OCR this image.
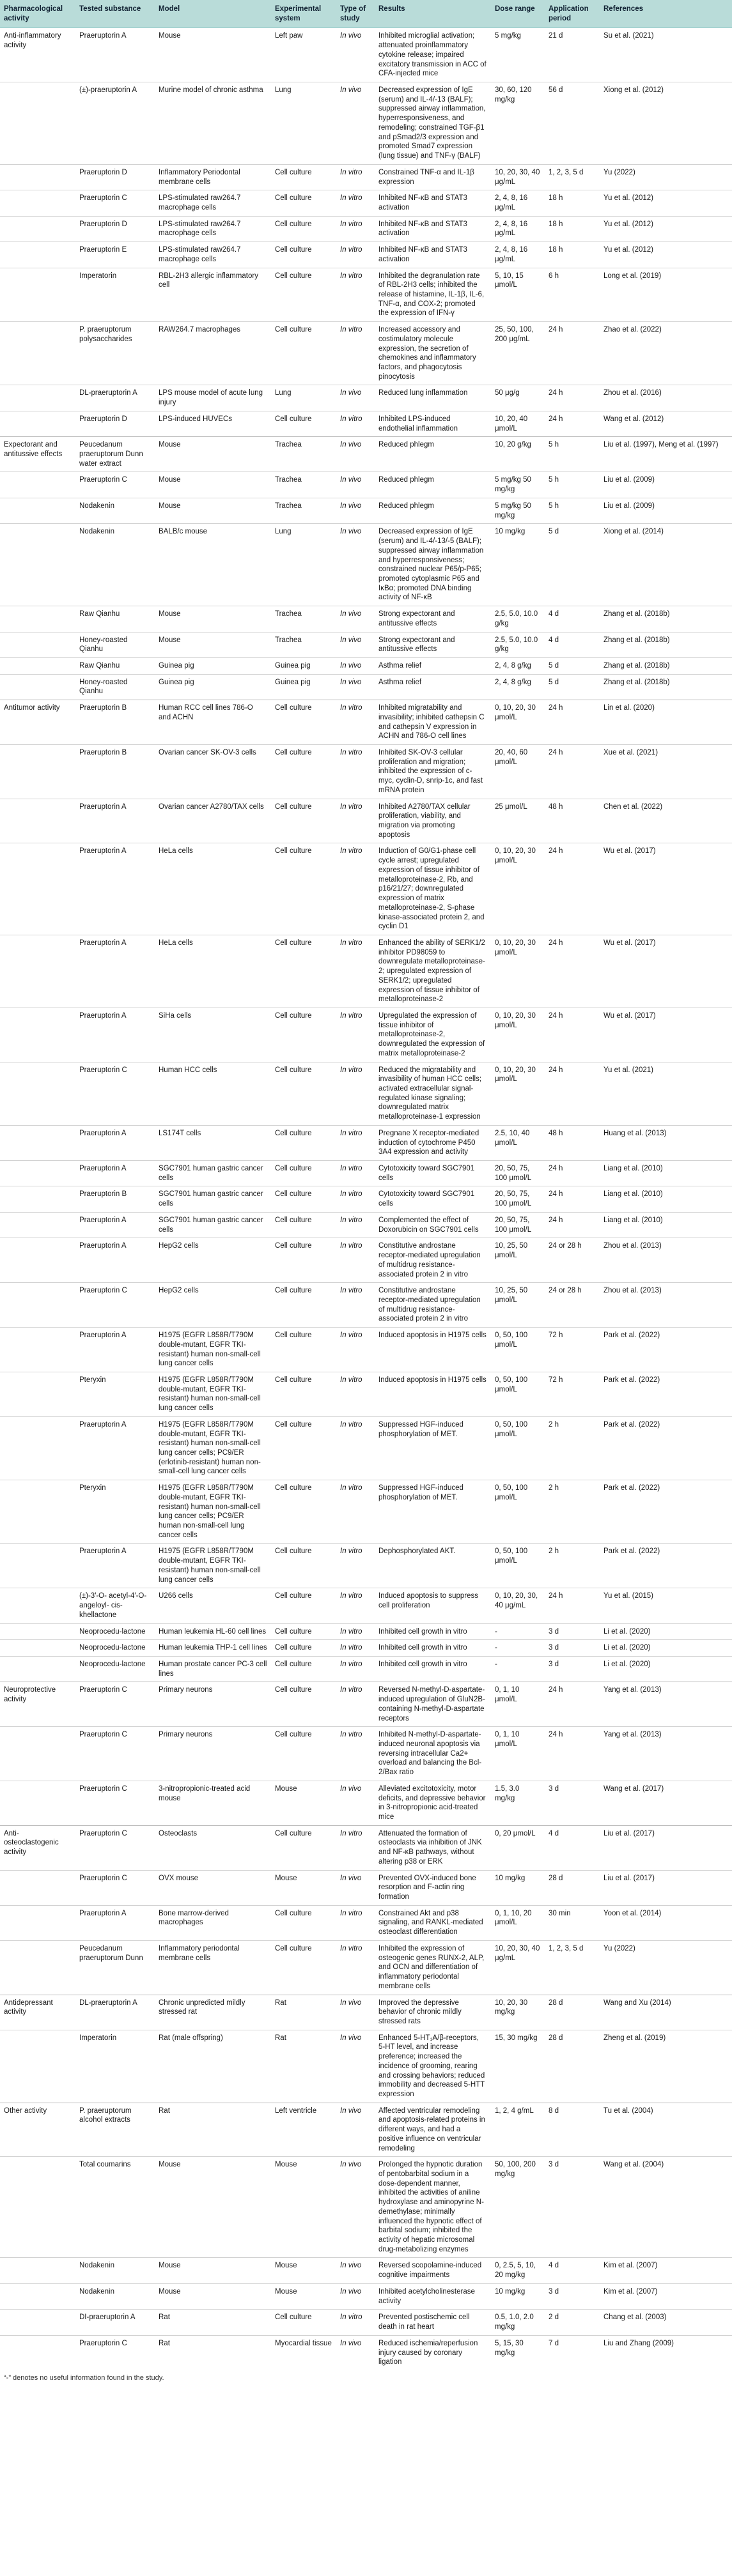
Pharmacological activity	Tested substance	Model	Experimental system	Type of study	Results	Dose range	Application period	References
Anti-inflammatory activity	Praeruptorin A	Mouse	Left paw	In vivo	Inhibited microglial activation; attenuated proinflammatory cytokine release; impaired excitatory transmission in ACC of CFA-injected mice	5 mg/kg	21 d	Su et al. (2021)
	(±)-praeruptorin A	Murine model of chronic asthma	Lung	In vivo	Decreased expression of IgE (serum) and IL-4/-13 (BALF); suppressed airway inflammation, hyperresponsiveness, and remodeling; constrained TGF-β1 and pSmad2/3 expression and promoted Smad7 expression (lung tissue) and TNF-γ (BALF)	30, 60, 120 mg/kg	56 d	Xiong et al. (2012)
	Praeruptorin D	Inflammatory Periodontal membrane cells	Cell culture	In vitro	Constrained TNF-α and IL-1β expression	10, 20, 30, 40 μg/mL	1, 2, 3, 5 d	Yu (2022)
	Praeruptorin C	LPS-stimulated raw264.7 macrophage cells	Cell culture	In vitro	Inhibited NF-κB and STAT3 activation	2, 4, 8, 16 μg/mL	18 h	Yu et al. (2012)
	Praeruptorin D	LPS-stimulated raw264.7 macrophage cells	Cell culture	In vitro	Inhibited NF-κB and STAT3 activation	2, 4, 8, 16 μg/mL	18 h	Yu et al. (2012)
	Praeruptorin E	LPS-stimulated raw264.7 macrophage cells	Cell culture	In vitro	Inhibited NF-κB and STAT3 activation	2, 4, 8, 16 μg/mL	18 h	Yu et al. (2012)
	Imperatorin	RBL-2H3 allergic inflammatory cell	Cell culture	In vitro	Inhibited the degranulation rate of RBL-2H3 cells; inhibited the release of histamine, IL-1β, IL-6, TNF-α, and COX-2; promoted the expression of IFN-γ	5, 10, 15 μmol/L	6 h	Long et al. (2019)
	P. praeruptorum polysaccharides	RAW264.7 macrophages	Cell culture	In vitro	Increased accessory and costimulatory molecule expression, the secretion of chemokines and inflammatory factors, and phagocytosis pinocytosis	25, 50, 100, 200 μg/mL	24 h	Zhao et al. (2022)
	DL-praeruptorin A	LPS mouse model of acute lung injury	Lung	In vivo	Reduced lung inflammation	50 μg/g	24 h	Zhou et al. (2016)
	Praeruptorin D	LPS-induced HUVECs	Cell culture	In vitro	Inhibited LPS-induced endothelial inflammation	10, 20, 40 μmol/L	24 h	Wang et al. (2012)
Expectorant and antitussive effects	Peucedanum praeruptorum Dunn water extract	Mouse	Trachea	In vivo	Reduced phlegm	10, 20 g/kg	5 h	Liu et al. (1997), Meng et al. (1997)
	Praeruptorin C	Mouse	Trachea	In vivo	Reduced phlegm	5 mg/kg 50 mg/kg	5 h	Liu et al. (2009)
	Nodakenin	Mouse	Trachea	In vivo	Reduced phlegm	5 mg/kg 50 mg/kg	5 h	Liu et al. (2009)
	Nodakenin	BALB/c mouse	Lung	In vivo	Decreased expression of IgE (serum) and IL-4/-13/-5 (BALF); suppressed airway inflammation and hyperresponsiveness; constrained nuclear P65/p-P65; promoted cytoplasmic P65 and IκBα; promoted DNA binding activity of NF-κB	10 mg/kg	5 d	Xiong et al. (2014)
	Raw Qianhu	Mouse	Trachea	In vivo	Strong expectorant and antitussive effects	2.5, 5.0, 10.0 g/kg	4 d	Zhang et al. (2018b)
	Honey-roasted Qianhu	Mouse	Trachea	In vivo	Strong expectorant and antitussive effects	2.5, 5.0, 10.0 g/kg	4 d	Zhang et al. (2018b)
	Raw Qianhu	Guinea pig	Guinea pig	In vivo	Asthma relief	2, 4, 8 g/kg	5 d	Zhang et al. (2018b)
	Honey-roasted Qianhu	Guinea pig	Guinea pig	In vivo	Asthma relief	2, 4, 8 g/kg	5 d	Zhang et al. (2018b)
Antitumor activity	Praeruptorin B	Human RCC cell lines 786-O and ACHN	Cell culture	In vitro	Inhibited migratability and invasibility; inhibited cathepsin C and cathepsin V expression in ACHN and 786-O cell lines	0, 10, 20, 30 μmol/L	24 h	Lin et al. (2020)
	Praeruptorin B	Ovarian cancer SK-OV-3 cells	Cell culture	In vitro	Inhibited SK-OV-3 cellular proliferation and migration; inhibited the expression of c-myc, cyclin-D, snrip-1c, and fast mRNA protein	20, 40, 60 μmol/L	24 h	Xue et al. (2021)
	Praeruptorin A	Ovarian cancer A2780/TAX cells	Cell culture	In vitro	Inhibited A2780/TAX cellular proliferation, viability, and migration via promoting apoptosis	25 μmol/L	48 h	Chen et al. (2022)
	Praeruptorin A	HeLa cells	Cell culture	In vitro	Induction of G0/G1-phase cell cycle arrest; upregulated expression of tissue inhibitor of metalloproteinase-2, Rb, and p16/21/27; downregulated expression of matrix metalloproteinase-2, S-phase kinase-associated protein 2, and cyclin D1	0, 10, 20, 30 μmol/L	24 h	Wu et al. (2017)
	Praeruptorin A	HeLa cells	Cell culture	In vitro	Enhanced the ability of SERK1/2 inhibitor PD98059 to downregulate metalloproteinase-2; upregulated expression of SERK1/2; upregulated expression of tissue inhibitor of metalloproteinase-2	0, 10, 20, 30 μmol/L	24 h	Wu et al. (2017)
	Praeruptorin A	SiHa cells	Cell culture	In vitro	Upregulated the expression of tissue inhibitor of metalloproteinase-2, downregulated the expression of matrix metalloproteinase-2	0, 10, 20, 30 μmol/L	24 h	Wu et al. (2017)
	Praeruptorin C	Human HCC cells	Cell culture	In vitro	Reduced the migratability and invasibility of human HCC cells; activated extracellular signal-regulated kinase signaling; downregulated matrix metalloproteinase-1 expression	0, 10, 20, 30 μmol/L	24 h	Yu et al. (2021)
	Praeruptorin A	LS174T cells	Cell culture	In vitro	Pregnane X receptor-mediated induction of cytochrome P450 3A4 expression and activity	2.5, 10, 40 μmol/L	48 h	Huang et al. (2013)
	Praeruptorin A	SGC7901 human gastric cancer cells	Cell culture	In vitro	Cytotoxicity toward SGC7901 cells	20, 50, 75, 100 μmol/L	24 h	Liang et al. (2010)
	Praeruptorin B	SGC7901 human gastric cancer cells	Cell culture	In vitro	Cytotoxicity toward SGC7901 cells	20, 50, 75, 100 μmol/L	24 h	Liang et al. (2010)
	Praeruptorin A	SGC7901 human gastric cancer cells	Cell culture	In vitro	Complemented the effect of Doxorubicin on SGC7901 cells	20, 50, 75, 100 μmol/L	24 h	Liang et al. (2010)
	Praeruptorin A	HepG2 cells	Cell culture	In vitro	Constitutive androstane receptor-mediated upregulation of multidrug resistance-associated protein 2 in vitro	10, 25, 50 μmol/L	24 or 28 h	Zhou et al. (2013)
	Praeruptorin C	HepG2 cells	Cell culture	In vitro	Constitutive androstane receptor-mediated upregulation of multidrug resistance-associated protein 2 in vitro	10, 25, 50 μmol/L	24 or 28 h	Zhou et al. (2013)
	Praeruptorin A	H1975 (EGFR L858R/T790M double-mutant, EGFR TKI-resistant) human non-small-cell lung cancer cells	Cell culture	In vitro	Induced apoptosis in H1975 cells	0, 50, 100 μmol/L	72 h	Park et al. (2022)
	Pteryxin	H1975 (EGFR L858R/T790M double-mutant, EGFR TKI-resistant) human non-small-cell lung cancer cells	Cell culture	In vitro	Induced apoptosis in H1975 cells	0, 50, 100 μmol/L	72 h	Park et al. (2022)
	Praeruptorin A	H1975 (EGFR L858R/T790M double-mutant, EGFR TKI-resistant) human non-small-cell lung cancer cells; PC9/ER (erlotinib-resistant) human non-small-cell lung cancer cells	Cell culture	In vitro	Suppressed HGF-induced phosphorylation of MET.	0, 50, 100 μmol/L	2 h	Park et al. (2022)
	Pteryxin	H1975 (EGFR L858R/T790M double-mutant, EGFR TKI-resistant) human non-small-cell lung cancer cells; PC9/ER human non-small-cell lung cancer cells	Cell culture	In vitro	Suppressed HGF-induced phosphorylation of MET.	0, 50, 100 μmol/L	2 h	Park et al. (2022)
	Praeruptorin A	H1975 (EGFR L858R/T790M double-mutant, EGFR TKI-resistant) human non-small-cell lung cancer cells	Cell culture	In vitro	Dephosphorylated AKT.	0, 50, 100 μmol/L	2 h	Park et al. (2022)
	(±)-3′-O- acetyl-4′-O-angeloyl- cis- khellactone	U266 cells	Cell culture	In vitro	Induced apoptosis to suppress cell proliferation	0, 10, 20, 30, 40 μg/mL	24 h	Yu et al. (2015)
	Neoprocedu-lactone	Human leukemia HL-60 cell lines	Cell culture	In vitro	Inhibited cell growth in vitro	-	3 d	Li et al. (2020)
	Neoprocedu-lactone	Human leukemia THP-1 cell lines	Cell culture	In vitro	Inhibited cell growth in vitro	-	3 d	Li et al. (2020)
	Neoprocedu-lactone	Human prostate cancer PC-3 cell lines	Cell culture	In vitro	Inhibited cell growth in vitro	-	3 d	Li et al. (2020)
Neuroprotective activity	Praeruptorin C	Primary neurons	Cell culture	In vitro	Reversed N-methyl-D-aspartate-induced upregulation of GluN2B-containing N-methyl-D-aspartate receptors	0, 1, 10 μmol/L	24 h	Yang et al. (2013)
	Praeruptorin C	Primary neurons	Cell culture	In vitro	Inhibited N-methyl-D-aspartate-induced neuronal apoptosis via reversing intracellular Ca2+ overload and balancing the Bcl-2/Bax ratio	0, 1, 10 μmol/L	24 h	Yang et al. (2013)
	Praeruptorin C	3-nitropropionic-treated acid mouse	Mouse	In vivo	Alleviated excitotoxicity, motor deficits, and depressive behavior in 3-nitropropionic acid-treated mice	1.5, 3.0 mg/kg	3 d	Wang et al. (2017)
Anti-osteoclastogenic activity	Praeruptorin C	Osteoclasts	Cell culture	In vitro	Attenuated the formation of osteoclasts via inhibition of JNK and NF-κB pathways, without altering p38 or ERK	0, 20 μmol/L	4 d	Liu et al. (2017)
	Praeruptorin C	OVX mouse	Mouse	In vivo	Prevented OVX-induced bone resorption and F-actin ring formation	10 mg/kg	28 d	Liu et al. (2017)
	Praeruptorin A	Bone marrow-derived macrophages	Cell culture	In vitro	Constrained Akt and p38 signaling, and RANKL-mediated osteoclast differentiation	0, 1, 10, 20 μmol/L	30 min	Yoon et al. (2014)
	Peucedanum praeruptorum Dunn	Inflammatory periodontal membrane cells	Cell culture	In vitro	Inhibited the expression of osteogenic genes RUNX-2, ALP, and OCN and differentiation of inflammatory periodontal membrane cells	10, 20, 30, 40 μg/mL	1, 2, 3, 5 d	Yu (2022)
Antidepressant activity	DL-praeruptorin A	Chronic unpredicted mildly stressed rat	Rat	In vivo	Improved the depressive behavior of chronic mildly stressed rats	10, 20, 30 mg/kg	28 d	Wang and Xu (2014)
	Imperatorin	Rat (male offspring)	Rat	In vivo	Enhanced 5-HT₁A/β-receptors, 5-HT level, and increase preference; increased the incidence of grooming, rearing and crossing behaviors; reduced immobility and decreased 5-HTT expression	15, 30 mg/kg	28 d	Zheng et al. (2019)
Other activity	P. praeruptorum alcohol extracts	Rat	Left ventricle	In vivo	Affected ventricular remodeling and apoptosis-related proteins in different ways, and had a positive influence on ventricular remodeling	1, 2, 4 g/mL	8 d	Tu et al. (2004)
	Total coumarins	Mouse	Mouse	In vivo	Prolonged the hypnotic duration of pentobarbital sodium in a dose-dependent manner, inhibited the activities of aniline hydroxylase and aminopyrine N-demethylase; minimally influenced the hypnotic effect of barbital sodium; inhibited the activity of hepatic microsomal drug-metabolizing enzymes	50, 100, 200 mg/kg	3 d	Wang et al. (2004)
	Nodakenin	Mouse	Mouse	In vivo	Reversed scopolamine-induced cognitive impairments	0, 2.5, 5, 10, 20 mg/kg	4 d	Kim et al. (2007)
	Nodakenin	Mouse	Mouse	In vivo	Inhibited acetylcholinesterase activity	10 mg/kg	3 d	Kim et al. (2007)
	DI-praeruptorin A	Rat	Cell culture	In vitro	Prevented postischemic cell death in rat heart	0.5, 1.0, 2.0 mg/kg	2 d	Chang et al. (2003)
	Praeruptorin C	Rat	Myocardial tissue	In vivo	Reduced ischemia/reperfusion injury caused by coronary ligation	5, 15, 30 mg/kg	7 d	Liu and Zhang (2009)
“-” denotes no useful information found in the study.
